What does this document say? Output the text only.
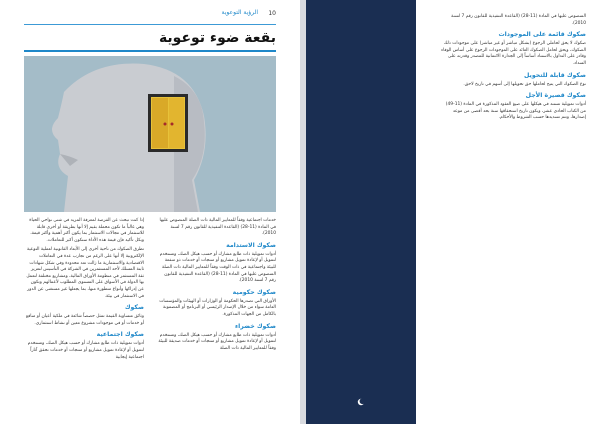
10
الرؤية التوعوية
بقعة ضوء توعوية

خدمات اجتماعية وفقاً للمعايير المالية ذات الصلة المنصوص عليها في المادة (11-28) (القاعدة التنفيذية للقانون رقم 7 لسنة 2010).

صكوك الاستدامة

أدوات تمويلية ذات طابع مشارك أو حسب هيكل الصك، وتستخدم لتمويل أو لإعادة تمويل مشاريع أو منتجات أو خدمات ذو منفعة للبيئة واجتماعية في ذات الوقت وفقاً للمعايير المالية ذات الصلة المنصوص عليها في المادة (11-28) (القاعدة التنفيذية للقانون رقم 7 لسنة 2010).

صكوك حكومية

الأوراق التي تصدرها الحكومة أو الوزارات أو الهيئات والمؤسسات العامة سواء من خلال الإصدار الرئيسي أو البرنامج أو المضمونة بالكامل من الجهات المذكورة.

صكوك خضراء

أدوات تمويلية ذات طابع مشارك أو حسب هيكل الصك، وتستخدم لتمويل أو لإعادة تمويل مشاريع أو منتجات أو خدمات صديقة للبيئة وفقاً للمعايير المالية ذات الصلة

إذا كنت تبحث عن الفرصة لمعرفة المزيد في شتى نواحي الحياة وهي غالباً ما تكون محملة بقيم إلا أنها بطريقة أو أخرى قابلة للاستثمار في مجالات الاستثمار بما يكون أكثر أهمية وأكثر قيمة، وبكل تأكيد فإن قيمة هذه الأداة ستكون أكبر للتعاملات.

تطرق الصكوك من ناحية أخرى إلى الأبعاد القانونية لعملية التوعية الإلكترونية إلا أنها على الرغم من تجارب عدة في التعاملات الاقتصادية والاستثمارية ما زالت تعد محدودة وفي شكل شهادات ثابتة المسلك لأحد المستثمرين في الشركة في التأسيس لتعزيز ثقة المستثمر في منظومة الأوراق المالية، ومشاريع مختلفة لتعمل بها الدولة في الأسواق على المستوى المطلوب لأعمالهم وتكون عن إدراكها وأنواع متطورة منها، بما يجعلها غير مستغنى عن الدور في الاستثمار في بيئة.

صكوك

وثائق متساوية القيمة تمثل حصصاً شائعة في ملكية أعيان أو منافع أو خدمات أو في موجودات مشروع معين أو نشاط استثماري.

صكوك اجتماعية

أدوات تمويلية ذات طابع مشارك أو حسب هيكل الصك، وتستخدم لتمويل أو لإعادة تمويل مشاريع أو منتجات أو خدمات تحقق آثاراً اجتماعية إيجابية

المنصوص عليها في المادة (11-28) (القاعدة التنفيذية للقانون رقم 7 لسنة 2010).

صكوك قائمة على الموجودات

صكوك لا يحق لحاملي الرجوع (بشكل مباشر أو غير مباشر) على موجودات ذلك الصكوك، ويحق لحامل الصكوك العائد على الموجودات الرجوع على أساس الوفاء وقادر على التداول بالاستناد أساساً إلى الجدارة الائتمانية للمصدر وقدرته على السداد.

صكوك قابلة للتحويل

نوع الصكوك التي يتيح لحاملها حق تحويلها إلى أسهم في تاريخ لاحق.

صكوك قصيرة الأجل

أدوات تمويلية تستند في هيكلها على صيغ العقود المذكورة في المادة (11-49) من الكتاب الحادي عشر، ويكون تاريخ استحقاقها سنة بحد أقصى من موعد إصدارها، وتتم تسديدها حسب الشروط والأحكام.
